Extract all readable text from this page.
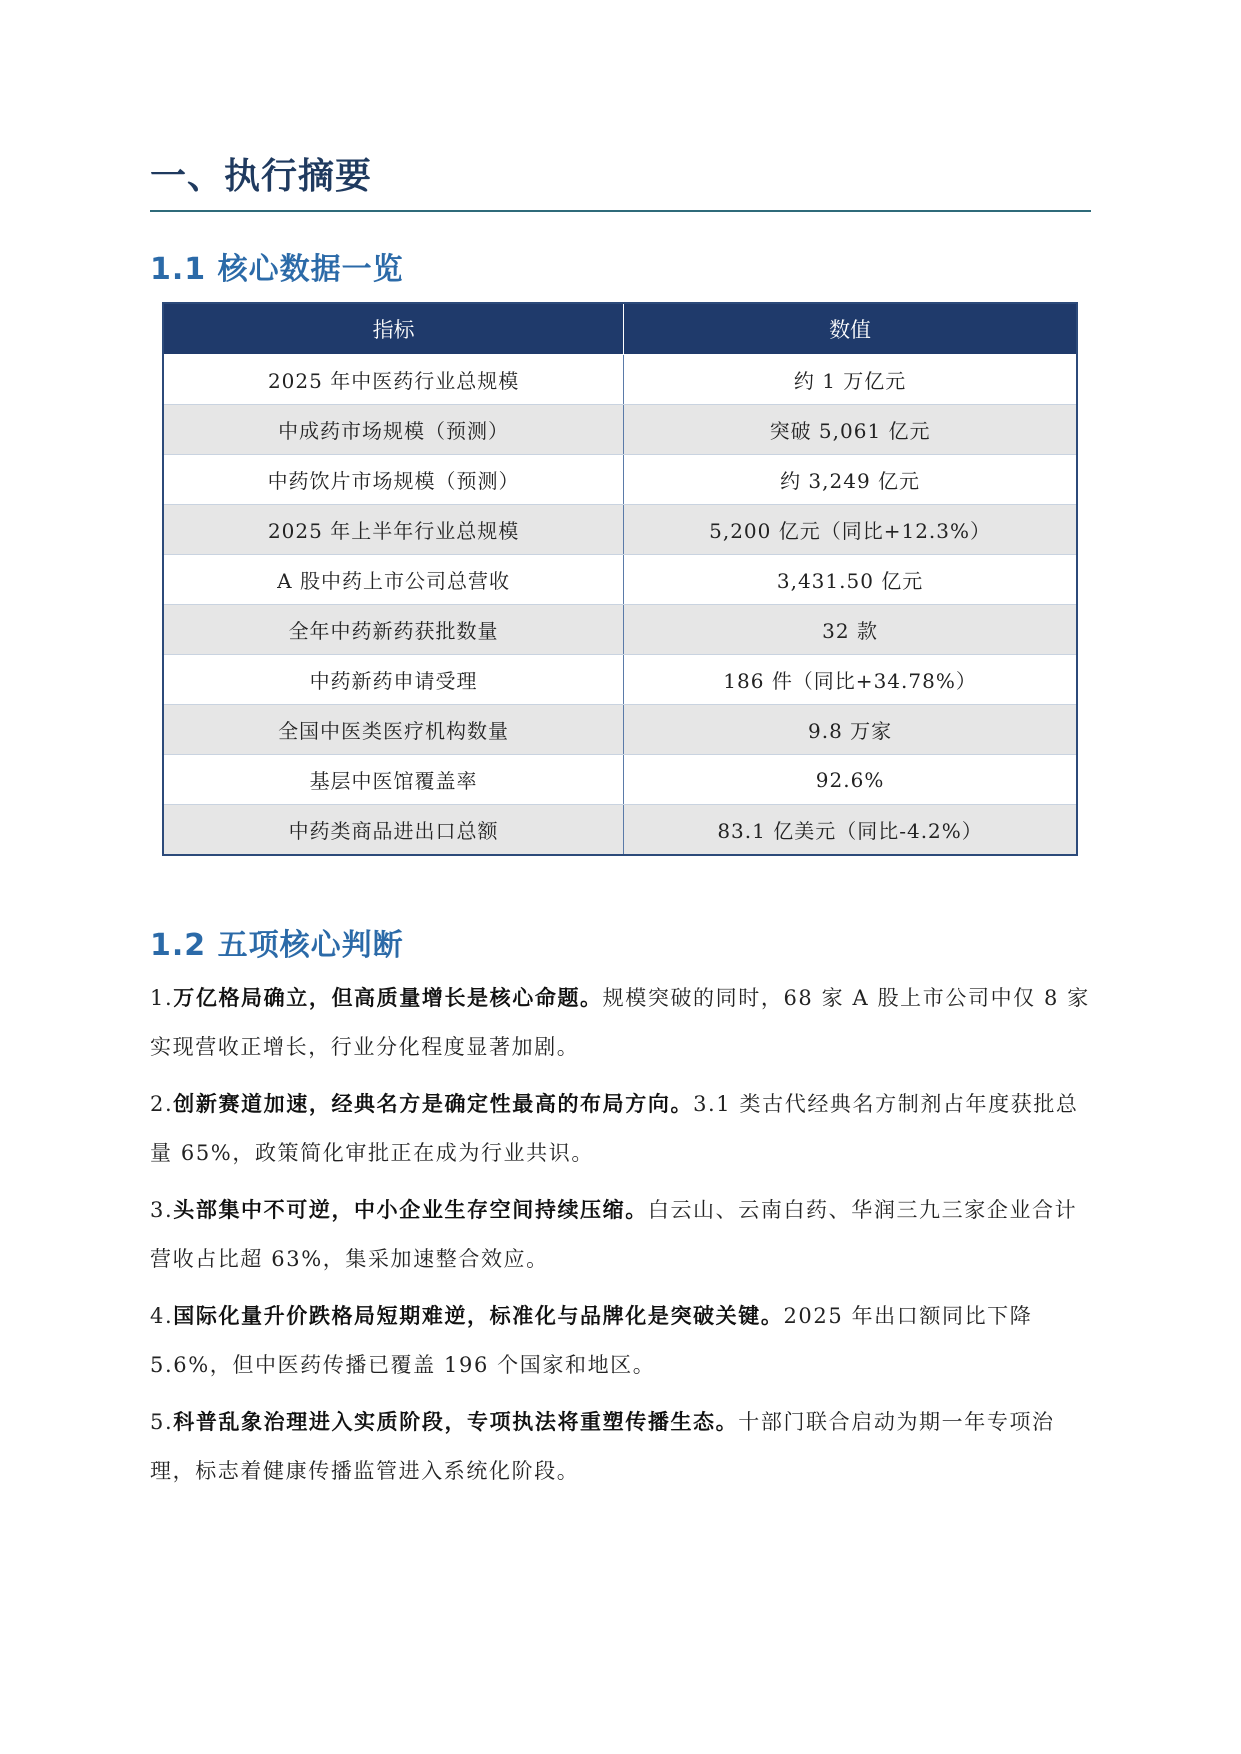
一、执行摘要
1.1 核心数据一览
指标	数值
2025 年中医药行业总规模	约 1 万亿元
中成药市场规模（预测）	突破 5,061 亿元
中药饮片市场规模（预测）	约 3,249 亿元
2025 年上半年行业总规模	5,200 亿元（同比+12.3%）
A 股中药上市公司总营收	3,431.50 亿元
全年中药新药获批数量	32 款
中药新药申请受理	186 件（同比+34.78%）
全国中医类医疗机构数量	9.8 万家
基层中医馆覆盖率	92.6%
中药类商品进出口总额	83.1 亿美元（同比-4.2%）
1.2 五项核心判断

1.万亿格局确立，但高质量增长是核心命题。规模突破的同时，68 家 A 股上市公司中仅 8 家实现营收正增长，行业分化程度显著加剧。

2.创新赛道加速，经典名方是确定性最高的布局方向。3.1 类古代经典名方制剂占年度获批总量 65%，政策简化审批正在成为行业共识。

3.头部集中不可逆，中小企业生存空间持续压缩。白云山、云南白药、华润三九三家企业合计营收占比超 63%，集采加速整合效应。

4.国际化量升价跌格局短期难逆，标准化与品牌化是突破关键。2025 年出口额同比下降 5.6%，但中医药传播已覆盖 196 个国家和地区。

5.科普乱象治理进入实质阶段，专项执法将重塑传播生态。十部门联合启动为期一年专项治理，标志着健康传播监管进入系统化阶段。
